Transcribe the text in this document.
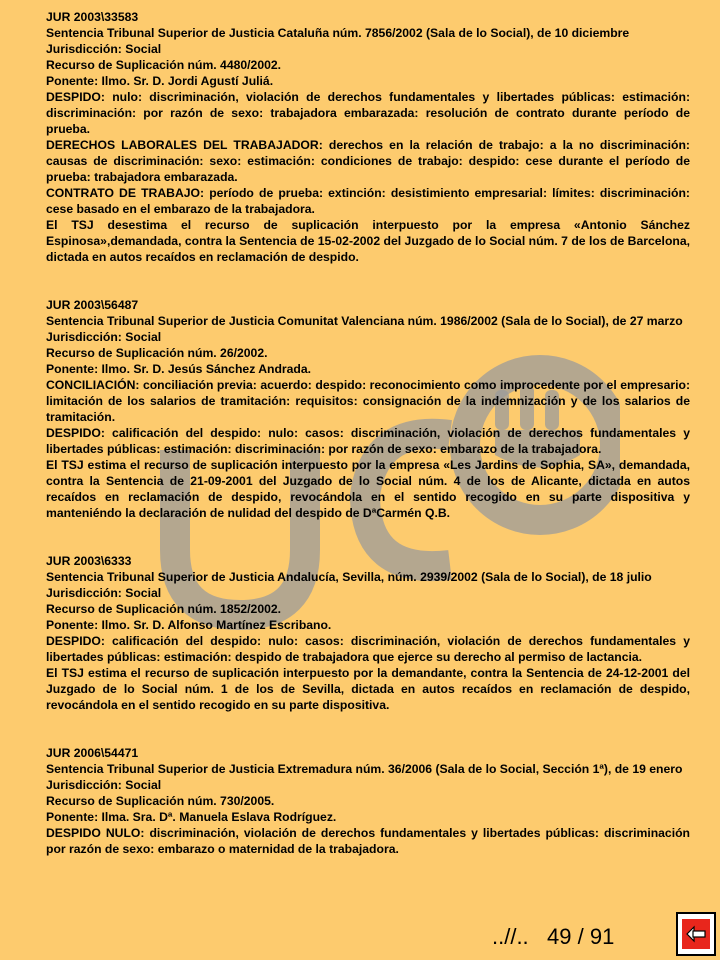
JUR 2003\33583

Sentencia Tribunal Superior de Justicia Cataluña núm. 7856/2002 (Sala de lo Social), de 10 diciembre

Jurisdicción: Social

Recurso de Suplicación núm. 4480/2002.

Ponente: Ilmo. Sr. D. Jordi Agustí Juliá.

DESPIDO: nulo: discriminación, violación de derechos fundamentales y libertades públicas: estimación: discriminación: por razón de sexo: trabajadora embarazada: resolución de contrato durante período de prueba.

DERECHOS LABORALES DEL TRABAJADOR: derechos en la relación de trabajo: a la no discriminación: causas de discriminación: sexo: estimación: condiciones de trabajo: despido: cese durante el período de prueba: trabajadora embarazada.

CONTRATO DE TRABAJO: período de prueba: extinción: desistimiento empresarial: límites: discriminación: cese basado en el embarazo de la trabajadora.

El TSJ desestima el recurso de suplicación interpuesto por la empresa «Antonio Sánchez Espinosa»,demandada, contra la Sentencia de 15-02-2002 del Juzgado de lo Social núm. 7 de los de Barcelona, dictada en autos recaídos en reclamación de despido.

JUR 2003\56487

Sentencia Tribunal Superior de Justicia Comunitat Valenciana núm. 1986/2002 (Sala de lo Social), de 27 marzo

Jurisdicción: Social

Recurso de Suplicación núm. 26/2002.

Ponente: Ilmo. Sr. D. Jesús Sánchez Andrada.

CONCILIACIÓN: conciliación previa: acuerdo: despido: reconocimiento como improcedente por el empresario: limitación de los salarios de tramitación: requisitos: consignación de la indemnización y de los salarios de tramitación.

DESPIDO: calificación del despido: nulo: casos: discriminación, violación de derechos fundamentales y libertades públicas: estimación: discriminación: por razón de sexo: embarazo de la trabajadora.

El TSJ estima el recurso de suplicación interpuesto por la empresa «Les Jardins de Sophia, SA», demandada, contra la Sentencia de 21-09-2001 del Juzgado de lo Social núm. 4 de los de Alicante, dictada en autos recaídos en reclamación de despido, revocándola en el sentido recogido en su parte dispositiva y manteniéndo la declaración de nulidad del despido de DªCarmén Q.B.

JUR 2003\6333

Sentencia Tribunal Superior de Justicia Andalucía, Sevilla, núm. 2939/2002 (Sala de lo Social), de 18 julio

Jurisdicción: Social

Recurso de Suplicación núm. 1852/2002.

Ponente: Ilmo. Sr. D. Alfonso Martínez Escribano.

DESPIDO: calificación del despido: nulo: casos: discriminación, violación de derechos fundamentales y libertades públicas: estimación: despido de trabajadora que ejerce su derecho al permiso de lactancia.

El TSJ estima el recurso de suplicación interpuesto por la demandante, contra la Sentencia de 24-12-2001 del Juzgado de lo Social núm. 1 de los de Sevilla, dictada en autos recaídos en reclamación de despido, revocándola en el sentido recogido en su parte dispositiva.

JUR 2006\54471

Sentencia Tribunal Superior de Justicia Extremadura núm. 36/2006 (Sala de lo Social, Sección 1ª), de 19 enero

Jurisdicción: Social

Recurso de Suplicación núm. 730/2005.

Ponente: Ilma. Sra. Dª. Manuela Eslava Rodríguez.

DESPIDO NULO: discriminación, violación de derechos fundamentales y libertades públicas: discriminación por razón de sexo: embarazo o maternidad de la trabajadora.

..//.. 49 / 91
